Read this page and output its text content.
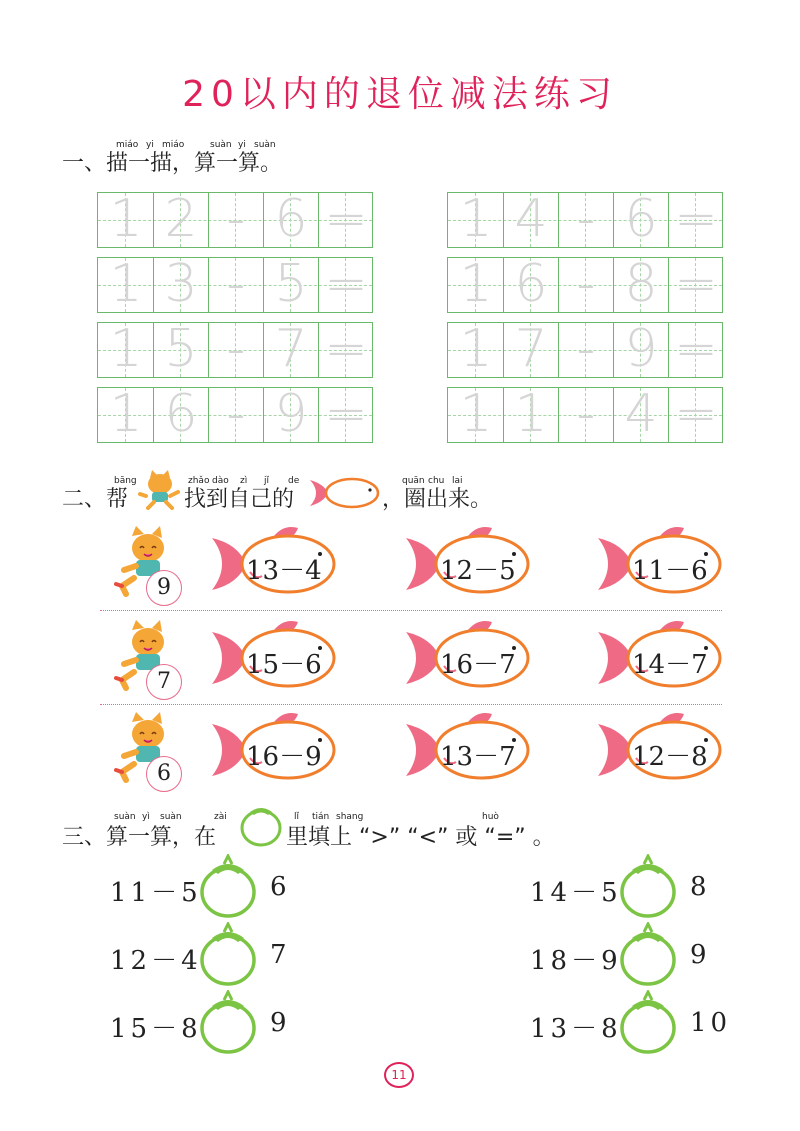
20以内的退位减法练习
一、描一描，算一算。
miáo yi miáo	suàn yi suàn
1 2 - 6 = 1 4 - 6 =
1 3 - 5 = 1 6 - 8 =
1 5 - 7 = 1 7 - 9 =
1 6 - 9 = 1 1 - 4 =
二、帮	找到自己的	，圈出来。
bāng	zhǎo dào zì jǐ de	quān chu lai
9
13－4	12－5	11－6
7
15－6	16－7	14－7
6
16－9	13－7	12－8
三、算一算，在	里填上 “>” “<” 或 “=” 。
suàn yì suàn	zài	lǐ tián shang	huò
11－5	6	14－5	8
12－4	7	18－9	9
15－8	9	13－8	10
11
